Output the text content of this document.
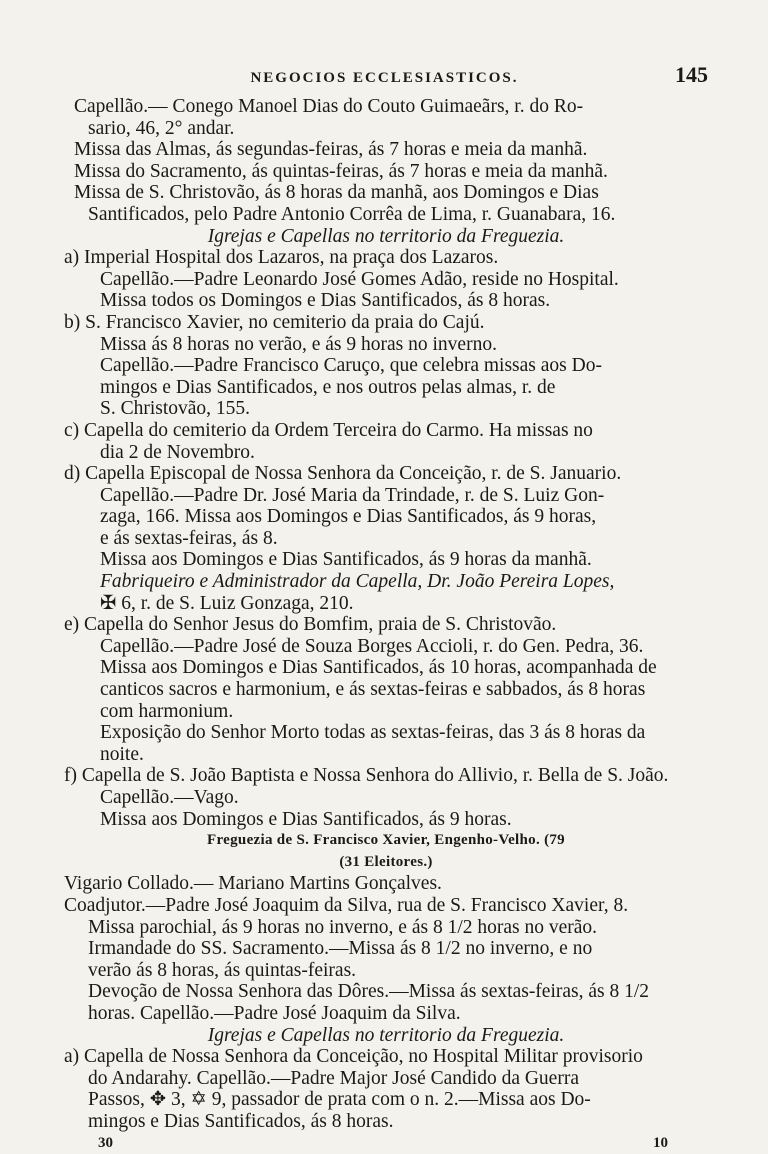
NEGOCIOS ECCLESIASTICOS.	145
Capellão.— Conego Manoel Dias do Couto Guimaeãrs, r. do Ro-
sario, 46, 2° andar.
Missa das Almas, ás segundas-feiras, ás 7 horas e meia da manhã.
Missa do Sacramento, ás quintas-feiras, ás 7 horas e meia da manhã.
Missa de S. Christovão, ás 8 horas da manhã, aos Domingos e Dias
Santificados, pelo Padre Antonio Corrêa de Lima, r. Guanabara, 16.
Igrejas e Capellas no territorio da Freguezia.
a) Imperial Hospital dos Lazaros, na praça dos Lazaros.
Capellão.—Padre Leonardo José Gomes Adão, reside no Hospital.
Missa todos os Domingos e Dias Santificados, ás 8 horas.
b) S. Francisco Xavier, no cemiterio da praia do Cajú.
Missa ás 8 horas no verão, e ás 9 horas no inverno.
Capellão.—Padre Francisco Caruço, que celebra missas aos Do-
mingos e Dias Santificados, e nos outros pelas almas, r. de
S. Christovão, 155.
c) Capella do cemiterio da Ordem Terceira do Carmo. Ha missas no
dia 2 de Novembro.
d) Capella Episcopal de Nossa Senhora da Conceição, r. de S. Januario.
Capellão.—Padre Dr. José Maria da Trindade, r. de S. Luiz Gon-
zaga, 166. Missa aos Domingos e Dias Santificados, ás 9 horas,
e ás sextas-feiras, ás 8.
Missa aos Domingos e Dias Santificados, ás 9 horas da manhã.
Fabriqueiro e Administrador da Capella, Dr. João Pereira Lopes,
✠ 6, r. de S. Luiz Gonzaga, 210.
e) Capella do Senhor Jesus do Bomfim, praia de S. Christovão.
Capellão.—Padre José de Souza Borges Accioli, r. do Gen. Pedra, 36.
Missa aos Domingos e Dias Santificados, ás 10 horas, acompanhada de
canticos sacros e harmonium, e ás sextas-feiras e sabbados, ás 8 horas
com harmonium.
Exposição do Senhor Morto todas as sextas-feiras, das 3 ás 8 horas da
noite.
f) Capella de S. João Baptista e Nossa Senhora do Allivio, r. Bella de S. João.
Capellão.—Vago.
Missa aos Domingos e Dias Santificados, ás 9 horas.
Freguezia de S. Francisco Xavier, Engenho-Velho. (79
(31 Eleitores.)
Vigario Collado.— Mariano Martins Gonçalves.
Coadjutor.—Padre José Joaquim da Silva, rua de S. Francisco Xavier, 8.
Missa parochial, ás 9 horas no inverno, e ás 8 1/2 horas no verão.
Irmandade do SS. Sacramento.—Missa ás 8 1/2 no inverno, e no
verão ás 8 horas, ás quintas-feiras.
Devoção de Nossa Senhora das Dôres.—Missa ás sextas-feiras, ás 8 1/2
horas. Capellão.—Padre José Joaquim da Silva.
Igrejas e Capellas no territorio da Freguezia.
a) Capella de Nossa Senhora da Conceição, no Hospital Militar provisorio
do Andarahy. Capellão.—Padre Major José Candido da Guerra
Passos, ✥ 3, ✡ 9, passador de prata com o n. 2.—Missa aos Do-
mingos e Dias Santificados, ás 8 horas.
30	10
